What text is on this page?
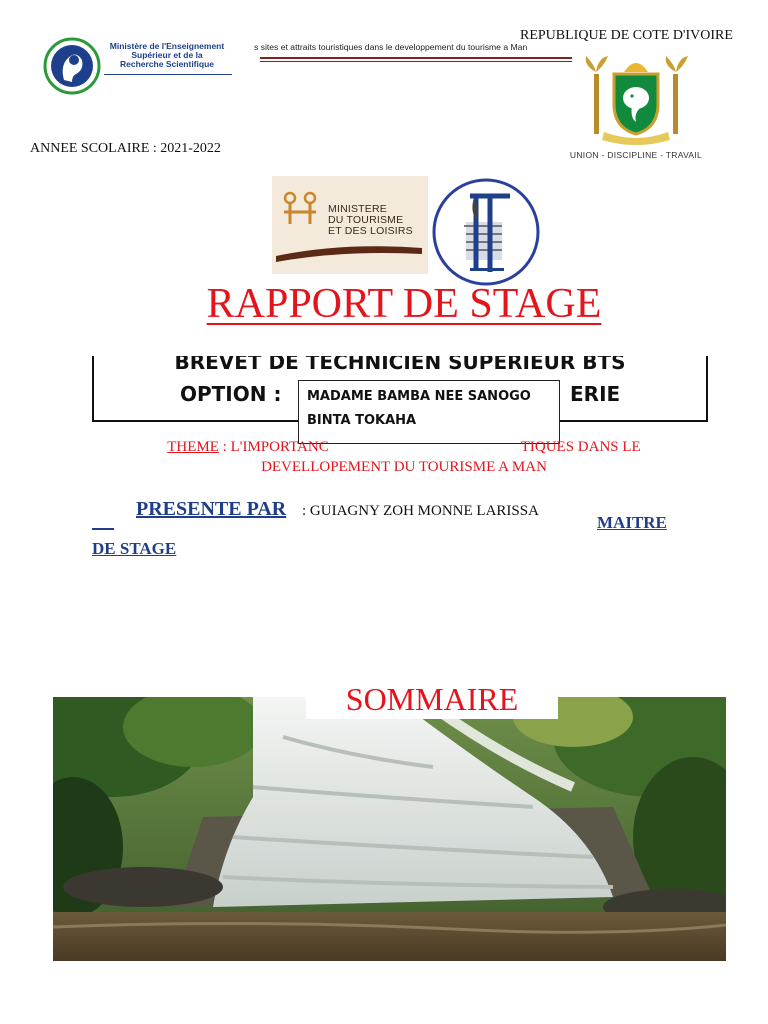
Ministère de l'Enseignement
Supérieur et de la
Recherche Scientifique
s sites et attraits touristiques dans le developpement du tourisme a Man
REPUBLIQUE DE COTE D'IVOIRE
UNION - DISCIPLINE - TRAVAIL
ANNEE SCOLAIRE : 2021-2022
MINISTERE
DU TOURISME
ET DES LOISIRS
RAPPORT DE STAGE
BREVET DE TECHNICIEN SUPERIEUR BTS
OPTION :	ERIE
MADAME BAMBA NEE SANOGO
BINTA TOKAHA
THEME : L'IMPORTANC	TIQUES DANS LE
DEVELLOPEMENT DU TOURISME A MAN
PRESENTE PAR : GUIAGNY ZOH MONNE LARISSA
MAITRE
DE STAGE
SOMMAIRE
